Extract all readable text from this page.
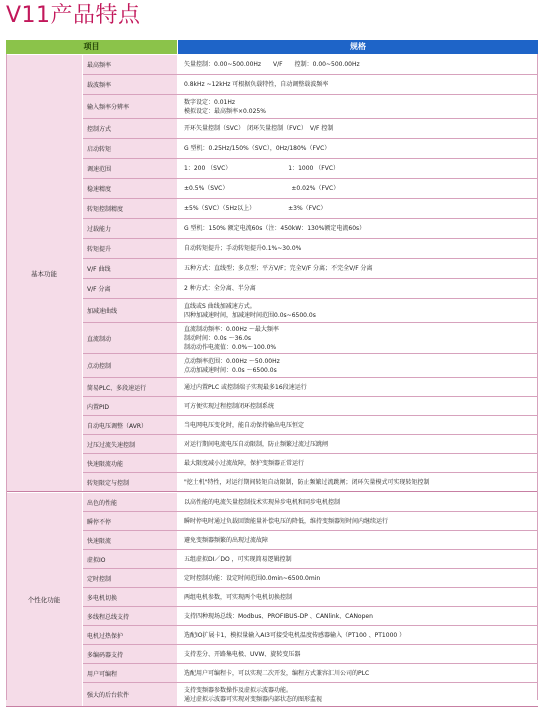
V11产品特点
项目	规格
最高频率	矢量控制：0.00~500.00Hz　　V/F　　控制：0.00~500.00Hz
载波频率	0.8kHz ~12kHz 可根据负载特性，自动调整载波频率
输入频率分辨率
数字设定：0.01Hz
模拟设定：最高频率×0.025%
控制方式	开环矢量控制（SVC）　闭环矢量控制（FVC）　V/F 控制
启动转矩	G 型机：0.25Hz/150%（SVC），0Hz/180%（FVC）
调速范围	1：200 （SVC）　　　　　　　　　　1：1000 （FVC）
稳速精度	±0.5%（SVC）　　　　　　　　　　　±0.02%（FVC）
转矩控制精度	±5%（SVC）（5Hz以上）　　　　　　±3%（FVC）
过载能力	G 型机：150% 额定电流60s（注：450kW：130%额定电流60s）
转矩提升	自动转矩提升；手动转矩提升0.1%~30.0%
V/F 曲线	五种方式：直线型；多点型；平方V/F；完全V/F 分离；不完全V/F 分离
V/F 分离	2 种方式：全分离、半分离
加减速曲线
直线或S 曲线加减速方式。
四种加减速时间，加减速时间范围0.0s~6500.0s
直流制动
直流制动频率：0.00Hz ～最大频率
制动时间：0.0s ～36.0s
制动动作电流值：0.0%～100.0%
点动控制
点动频率范围：0.00Hz ～50.00Hz
点动加减速时间：0.0s ～6500.0s
简易PLC、多段速运行	通过内置PLC 或控制端子实现最多16段速运行
内置PID	可方便实现过程控制闭环控制系统
自动电压调整（AVR）	当电网电压变化时，能自动保持输出电压恒定
过压过流失速控制	对运行期间电流电压自动限制，防止频繁过流过压跳闸
快速限流功能	最大限度减小过流故障，保护变频器正常运行
转矩限定与控制	"挖土机"特性，对运行期间转矩自动限制，防止频繁过流跳闸；闭环矢量模式可实现转矩控制
基本功能
出色的性能	以高性能的电流矢量控制技术实现异步电机和同步电机控制
瞬停不停	瞬时停电时通过负载回馈能量补偿电压的降低，维持变频器短时间内继续运行
快速限流	避免变频器频繁的出现过流故障
虚拟IO	五组虚拟DI／DO ，可实现简易逻辑控制
定时控制	定时控制功能：设定时间范围0.0min~6500.0min
多电机切换	两组电机参数，可实现两个电机切换控制
多线程总线支持	支持四种现场总线：Modbus、PROFIBUS-DP 、CANlink、CANopen
电机过热保护	选配IO扩展卡1，模拟量输入AI3可接受电机温度传感器输入（PT100 、PT1000 ）
多编码器支持	支持差分、开路集电极、UVW、旋转变压器
用户可编程	选配用户可编程卡，可以实现二次开发，编程方式兼容汇川公司的PLC
强大的后台软件
支持变频器参数操作及虚拟示波器功能。
通过虚拟示波器可实现对变频器内部状态的图形监视
个性化功能
